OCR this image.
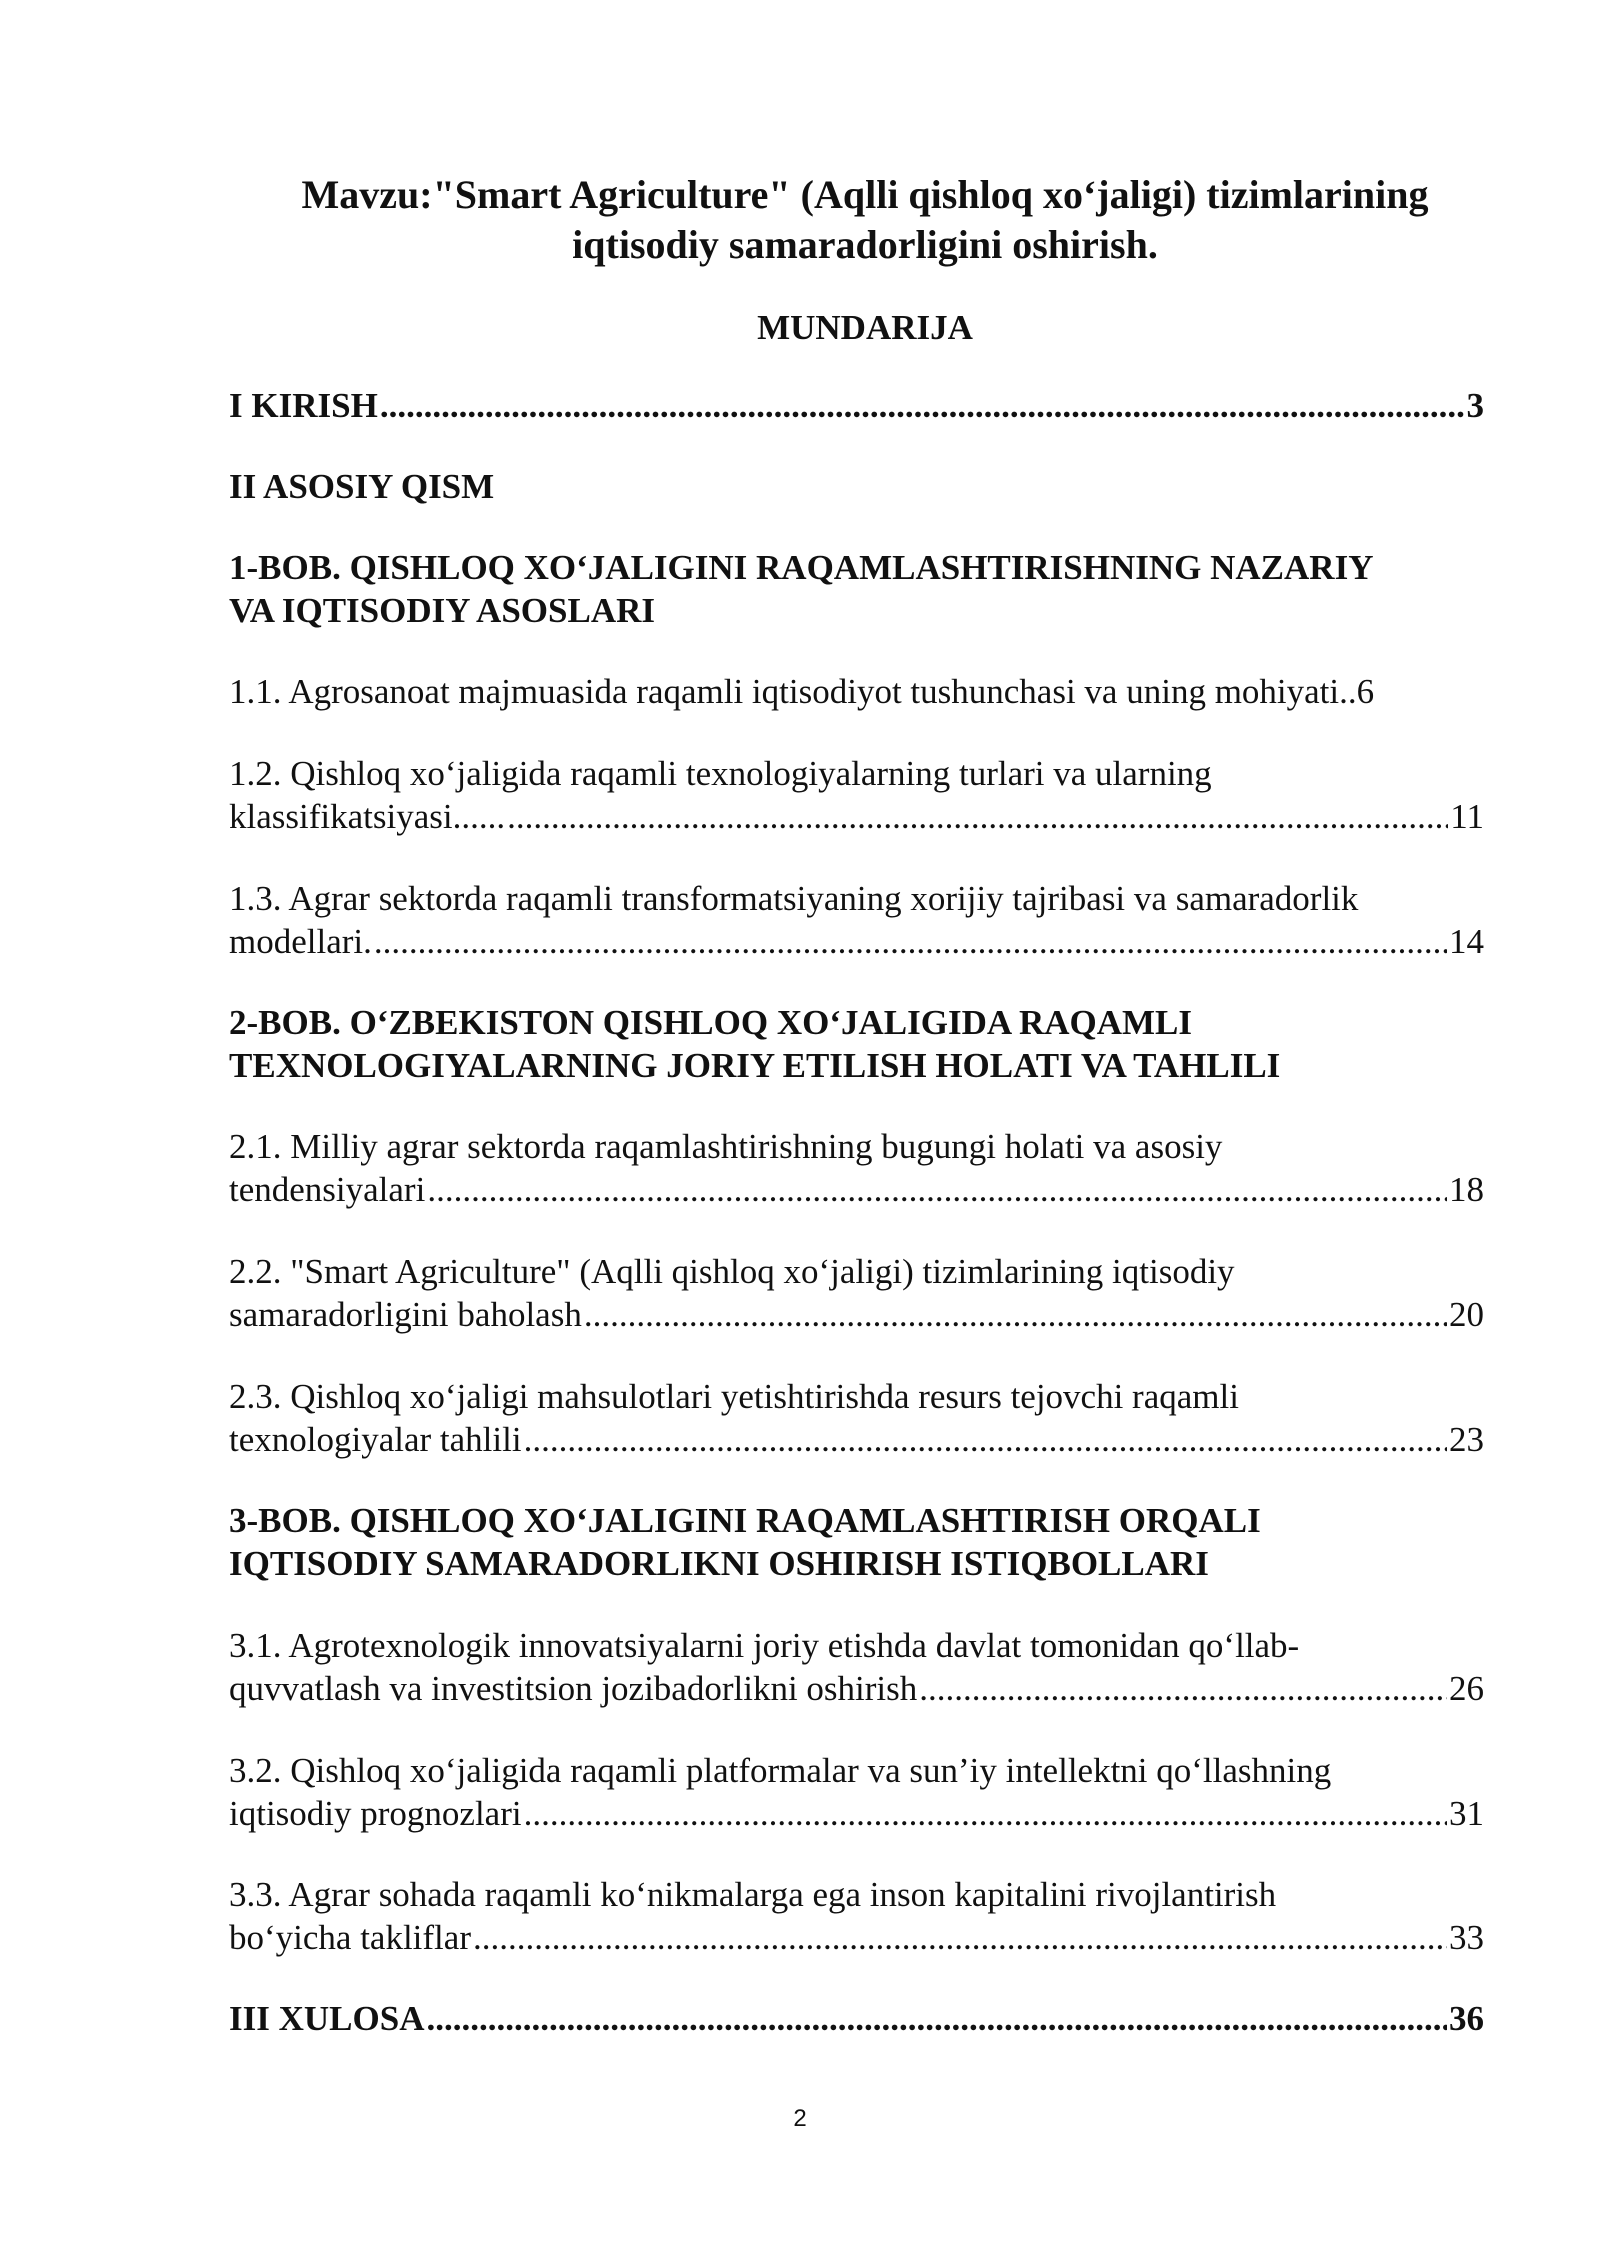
Mavzu:"Smart Agriculture" (Aqlli qishloq xo‘jaligi) tizimlarining
iqtisodiy samaradorligini oshirish.
MUNDARIJA
I KIRISH .....	3
II ASOSIY QISM
1-BOB. QISHLOQ XO‘JALIGINI RAQAMLASHTIRISHNING NAZARIY
VA IQTISODIY ASOSLARI
1.1. Agrosanoat majmuasida raqamli iqtisodiyot tushunchasi va uning mohiyati..6
1.2. Qishloq xo‘jaligida raqamli texnologiyalarning turlari va ularning
klassifikatsiyasi...... .....	11
1.3. Agrar sektorda raqamli transformatsiyaning xorijiy tajribasi va samaradorlik
modellari. .....	14
2-BOB. O‘ZBEKISTON QISHLOQ XO‘JALIGIDA RAQAMLI
TEXNOLOGIYALARNING JORIY ETILISH HOLATI VA TAHLILI
2.1. Milliy agrar sektorda raqamlashtirishning bugungi holati va asosiy
tendensiyalari .....	18
2.2. "Smart Agriculture" (Aqlli qishloq xo‘jaligi) tizimlarining iqtisodiy
samaradorligini baholash .....	20
2.3. Qishloq xo‘jaligi mahsulotlari yetishtirishda resurs tejovchi raqamli
texnologiyalar tahlili .....	23
3-BOB. QISHLOQ XO‘JALIGINI RAQAMLASHTIRISH ORQALI
IQTISODIY SAMARADORLIKNI OSHIRISH ISTIQBOLLARI
3.1. Agrotexnologik innovatsiyalarni joriy etishda davlat tomonidan qo‘llab-
quvvatlash va investitsion jozibadorlikni oshirish .....	26
3.2. Qishloq xo‘jaligida raqamli platformalar va sun’iy intellektni qo‘llashning
iqtisodiy prognozlari .....	31
3.3. Agrar sohada raqamli ko‘nikmalarga ega inson kapitalini rivojlantirish
bo‘yicha takliflar .....	33
III XULOSA .....	36
2
